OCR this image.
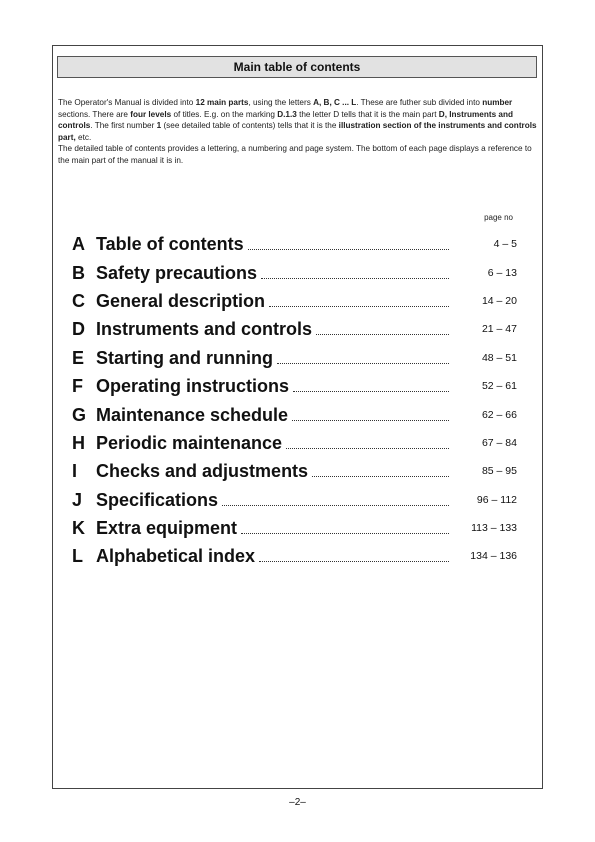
Main table of contents
The Operator's Manual is divided into 12 main parts, using the letters A, B, C ... L. These are futher sub divided into number sections. There are four levels of titles. E.g. on the marking D.1.3 the letter D tells that it is the main part D, Instruments and controls. The first number 1 (see detailed table of contents) tells that it is the illustration section of the instruments and controls part, etc.
The detailed table of contents provides a lettering, a numbering and page system. The bottom of each page displays a reference to the main part of the manual it is in.
page no
A Table of contents	4 – 5
B Safety precautions	6 – 13
C General description	14 – 20
D Instruments and controls	21 – 47
E Starting and running	48 – 51
F Operating instructions	52 – 61
G Maintenance schedule	62 – 66
H Periodic maintenance	67 – 84
I	Checks and adjustments	85 – 95
J Specifications	96 – 112
K Extra equipment	113 – 133
L Alphabetical index	134 – 136
–2–
